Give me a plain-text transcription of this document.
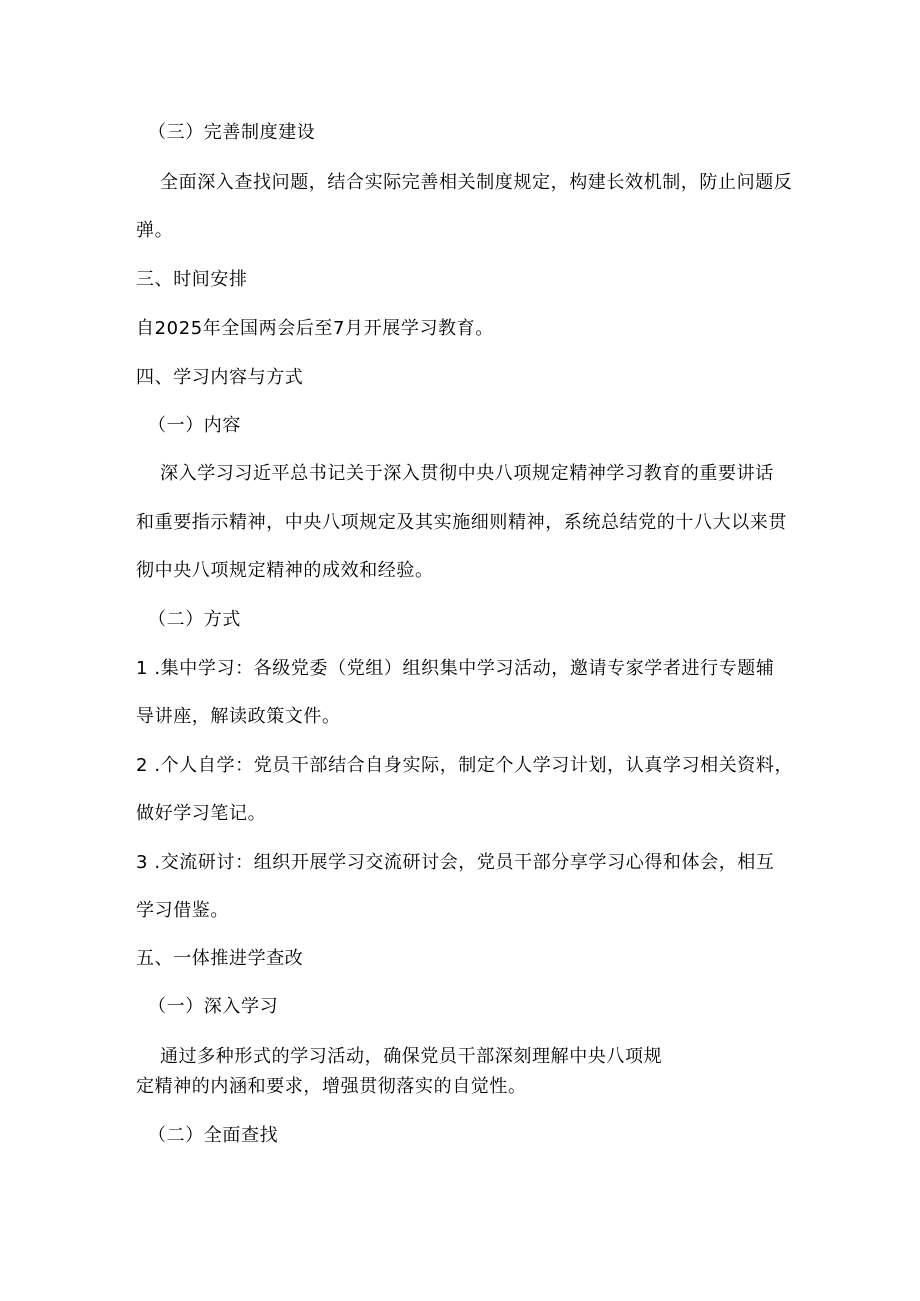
（三）完善制度建设
全面深入查找问题，结合实际完善相关制度规定，构建长效机制，防止问题反
弹。
三、时间安排
自2025年全国两会后至7月开展学习教育。
四、学习内容与方式
（一）内容
深入学习习近平总书记关于深入贯彻中央八项规定精神学习教育的重要讲话
和重要指示精神，中央八项规定及其实施细则精神，系统总结党的十八大以来贯
彻中央八项规定精神的成效和经验。
（二）方式
1 .集中学习：各级党委（党组）组织集中学习活动，邀请专家学者进行专题辅
导讲座，解读政策文件。
2 .个人自学：党员干部结合自身实际，制定个人学习计划，认真学习相关资料，
做好学习笔记。
3 .交流研讨：组织开展学习交流研讨会，党员干部分享学习心得和体会，相互
学习借鉴。
五、一体推进学查改
（一）深入学习
通过多种形式的学习活动，确保党员干部深刻理解中央八项规
定精神的内涵和要求，增强贯彻落实的自觉性。
（二）全面查找
